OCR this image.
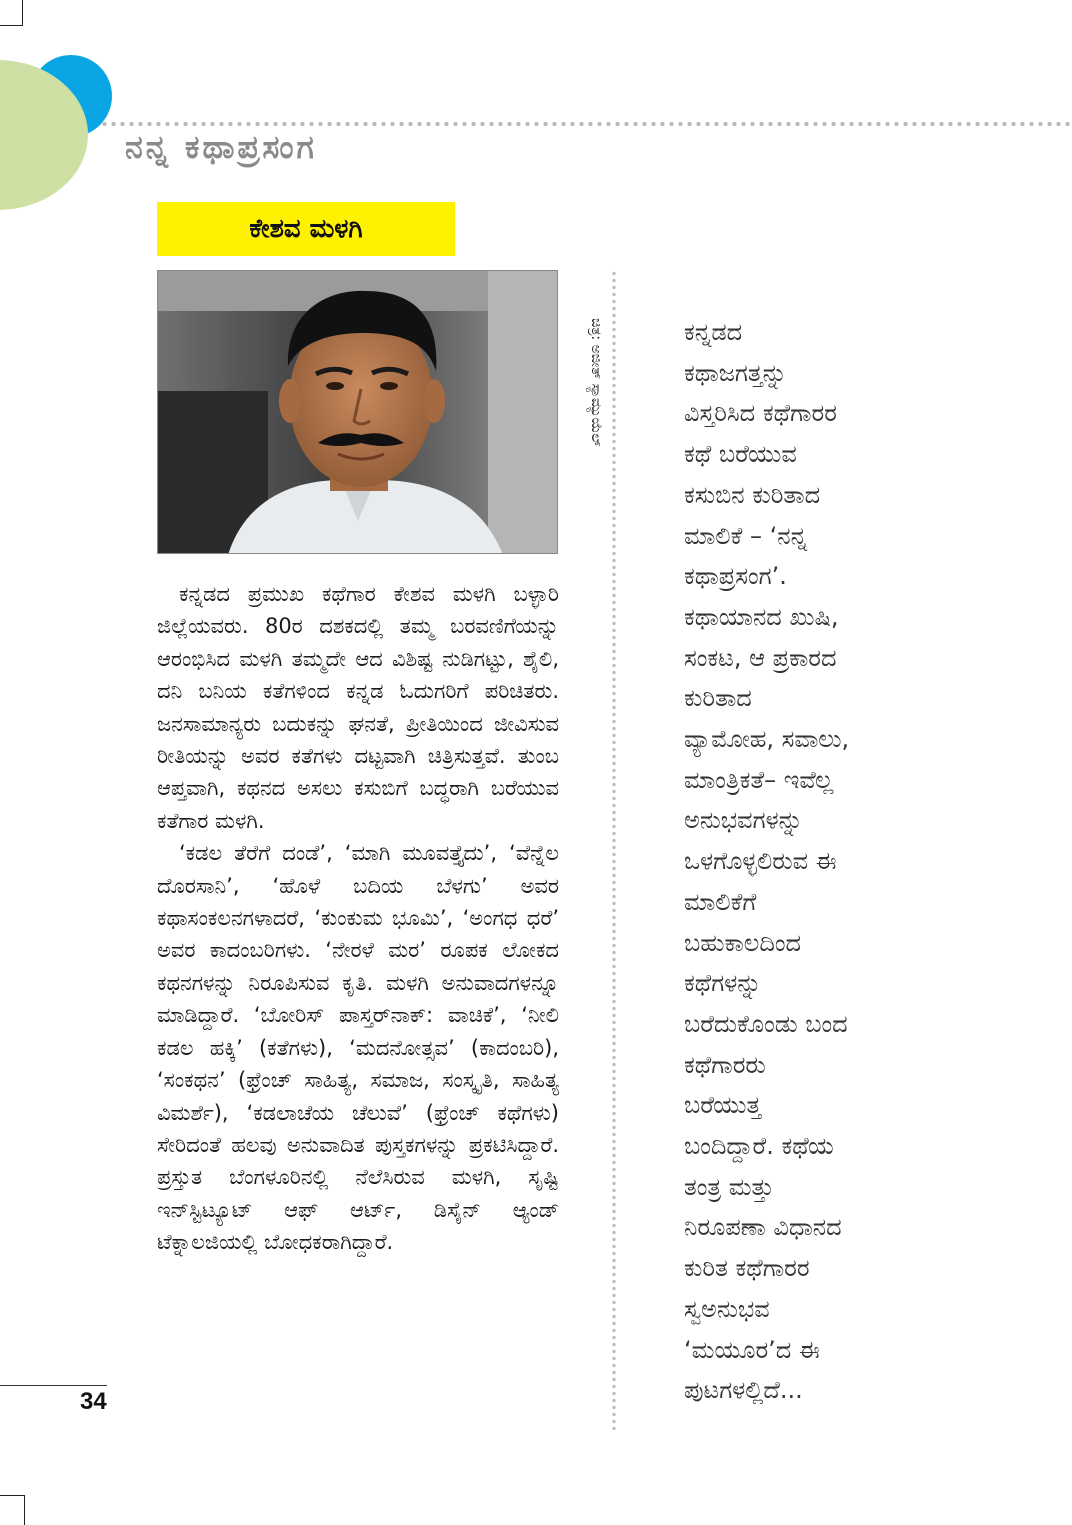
ನನ್ನ ಕಥಾಪ್ರಸಂಗ
ಕೇಶವ ಮಳಗಿ
ಚಿತ್ರ: ಅಜೀತ್ ಸ್ಯಾಮ್ಯುಯೆಲ್

ಕನ್ನಡದ ಪ್ರಮುಖ ಕಥೆಗಾರ ಕೇಶವ ಮಳಗಿ ಬಳ್ಳಾರಿ ಜಿಲ್ಲೆಯವರು. 80ರ ದಶಕದಲ್ಲಿ ತಮ್ಮ ಬರವಣಿಗೆಯನ್ನು ಆರಂಭಿಸಿದ ಮಳಗಿ ತಮ್ಮದೇ ಆದ ವಿಶಿಷ್ಟ ನುಡಿಗಟ್ಟು, ಶೈಲಿ, ದನಿ ಬನಿಯ ಕತೆಗಳಿಂದ ಕನ್ನಡ ಓದುಗರಿಗೆ ಪರಿಚಿತರು. ಜನಸಾಮಾನ್ಯರು ಬದುಕನ್ನು ಘನತೆ, ಪ್ರೀತಿಯಿಂದ ಜೀವಿಸುವ ರೀತಿಯನ್ನು ಅವರ ಕತೆಗಳು ದಟ್ಟವಾಗಿ ಚಿತ್ರಿಸುತ್ತವೆ. ತುಂಬ ಆಪ್ತವಾಗಿ, ಕಥನದ ಅಸಲು ಕಸುಬಿಗೆ ಬದ್ಧರಾಗಿ ಬರೆಯುವ ಕತೆಗಾರ ಮಳಗಿ.

‘ಕಡಲ ತೆರೆಗೆ ದಂಡೆ’, ‘ಮಾಗಿ ಮೂವತ್ತೈದು’, ‘ವೆನ್ನೆಲ ದೊರಸಾನಿ’, ‘ಹೊಳೆ ಬದಿಯ ಬೆಳಗು’ ಅವರ ಕಥಾಸಂಕಲನಗಳಾದರೆ, ‘ಕುಂಕುಮ ಭೂಮಿ’, ‘ಅಂಗಧ ಧರೆ’ ಅವರ ಕಾದಂಬರಿಗಳು. ‘ನೇರಳೆ ಮರ’ ರೂಪಕ ಲೋಕದ ಕಥನಗಳನ್ನು ನಿರೂಪಿಸುವ ಕೃತಿ. ಮಳಗಿ ಅನುವಾದಗಳನ್ನೂ ಮಾಡಿದ್ದಾರೆ. ‘ಬೋರಿಸ್ ಪಾಸ್ತರ್‌ನಾಕ್: ವಾಚಿಕೆ’, ‘ನೀಲಿ ಕಡಲ ಹಕ್ಕಿ’ (ಕತೆಗಳು), ‘ಮದನೋತ್ಸವ’ (ಕಾದಂಬರಿ), ‘ಸಂಕಥನ’ (ಫ್ರೆಂಚ್ ಸಾಹಿತ್ಯ, ಸಮಾಜ, ಸಂಸ್ಕೃತಿ, ಸಾಹಿತ್ಯ ವಿಮರ್ಶೆ), ‘ಕಡಲಾಚೆಯ ಚೆಲುವೆ’ (ಫ್ರೆಂಚ್ ಕಥೆಗಳು) ಸೇರಿದಂತೆ ಹಲವು ಅನುವಾದಿತ ಪುಸ್ತಕಗಳನ್ನು ಪ್ರಕಟಿಸಿದ್ದಾರೆ. ಪ್ರಸ್ತುತ ಬೆಂಗಳೂರಿನಲ್ಲಿ ನೆಲೆಸಿರುವ ಮಳಗಿ, ಸೃಷ್ಟಿ ಇನ್‌ಸ್ಟಿಟ್ಯೂಟ್ ಆಫ್ ಆರ್ಟ್, ಡಿಸೈನ್ ಆ್ಯಂಡ್ ಟೆಕ್ನಾಲಜಿಯಲ್ಲಿ ಬೋಧಕರಾಗಿದ್ದಾರೆ.

ಕನ್ನಡದ
ಕಥಾಜಗತ್ತನ್ನು
ವಿಸ್ತರಿಸಿದ ಕಥೆಗಾರರ
ಕಥೆ ಬರೆಯುವ
ಕಸುಬಿನ ಕುರಿತಾದ
ಮಾಲಿಕೆ – ‘ನನ್ನ
ಕಥಾಪ್ರಸಂಗ’.
ಕಥಾಯಾನದ ಖುಷಿ,
ಸಂಕಟ, ಆ ಪ್ರಕಾರದ
ಕುರಿತಾದ
ವ್ಯಾಮೋಹ, ಸವಾಲು,
ಮಾಂತ್ರಿಕತೆ– ಇವೆಲ್ಲ
ಅನುಭವಗಳನ್ನು
ಒಳಗೊಳ್ಳಲಿರುವ ಈ
ಮಾಲಿಕೆಗೆ
ಬಹುಕಾಲದಿಂದ
ಕಥೆಗಳನ್ನು
ಬರೆದುಕೊಂಡು ಬಂದ
ಕಥೆಗಾರರು
ಬರೆಯುತ್ತ
ಬಂದಿದ್ದಾರೆ. ಕಥೆಯ
ತಂತ್ರ ಮತ್ತು
ನಿರೂಪಣಾ ವಿಧಾನದ
ಕುರಿತ ಕಥೆಗಾರರ
ಸ್ವಅನುಭವ
‘ಮಯೂರ’ದ ಈ
ಪುಟಗಳಲ್ಲಿದೆ...
34
